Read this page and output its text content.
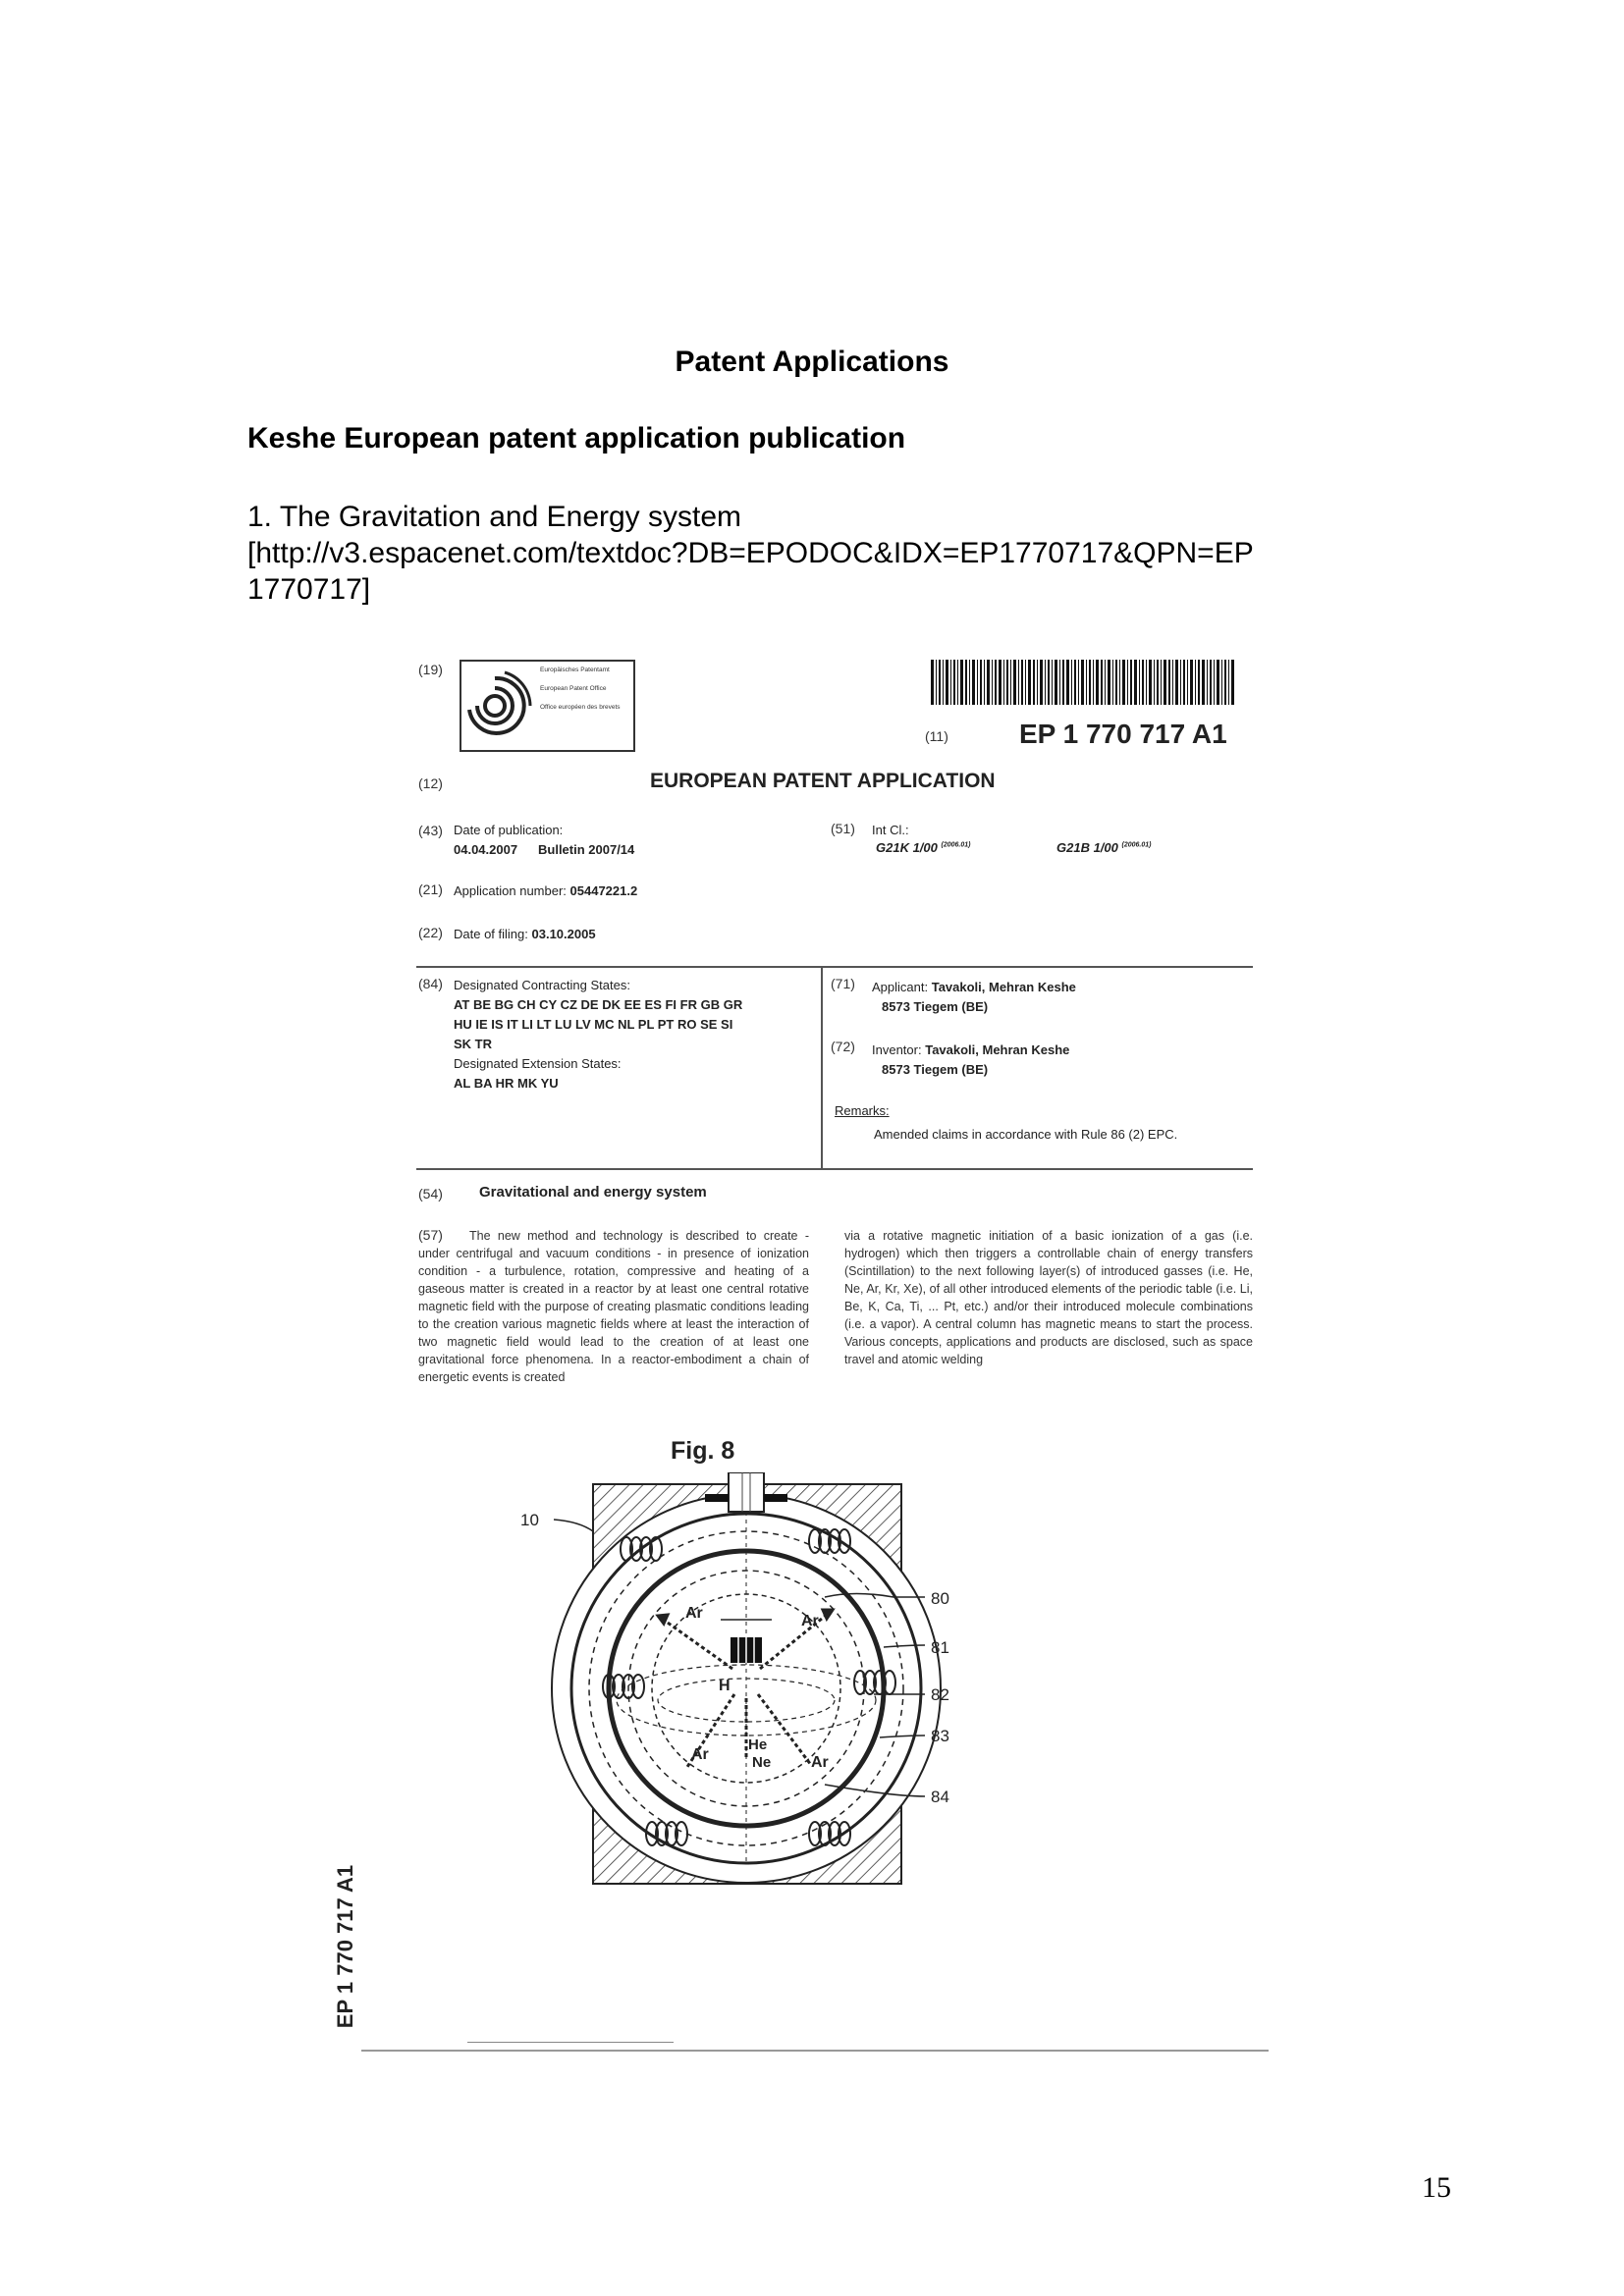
Patent Applications
Keshe European patent application publication
1. The Gravitation and Energy system
[http://v3.espacenet.com/textdoc?DB=EPODOC&IDX=EP1770717&QPN=EP
1770717]
(19)	Europäisches Patentamt
European Patent Office
Office européen des brevets
(11)	EP 1 770 717 A1
(12)	EUROPEAN PATENT APPLICATION
(43) Date of publication:
04.04.2007 Bulletin 2007/14
(51) Int Cl.:
G21K 1/00 $^{(2006.01)}$	G21B 1/00 $^{(2006.01)}$
(21) Application number: 05447221.2
(22) Date of filing: 03.10.2005
(84) Designated Contracting States:
AT BE BG CH CY CZ DE DK EE ES FI FR GB GR
HU IE IS IT LI LT LU LV MC NL PL PT RO SE SI
SK TR
Designated Extension States:
AL BA HR MK YU
(71) Applicant: Tavakoli, Mehran Keshe
8573 Tiegem (BE)
(72) Inventor: Tavakoli, Mehran Keshe
8573 Tiegem (BE)
Remarks:
Amended claims in accordance with Rule 86 (2) EPC.
(54) Gravitational and energy system
(57)	The new method and technology is described to create - under centrifugal and vacuum conditions - in presence of ionization condition - a turbulence, rotation, compressive and heating of a gaseous matter is created in a reactor by at least one central rotative magnetic field with the purpose of creating plasmatic conditions leading to the creation various magnetic fields where at least the interaction of two magnetic field would lead to the creation of at least one gravitational force phenomena. In a reactor-embodiment a chain of energetic events is created
via a rotative magnetic initiation of a basic ionization of a gas (i.e. hydrogen) which then triggers a controllable chain of energy transfers (Scintillation) to the next following layer(s) of introduced gasses (i.e. He, Ne, Ar, Kr, Xe), of all other introduced elements of the periodic table (i.e. Li, Be, K, Ca, Ti, ... Pt, etc.) and/or their introduced molecule combinations (i.e. a vapor). A central column has magnetic means to start the process. Various concepts, applications and products are disclosed, such as space travel and atomic welding
Fig. 8
Ar	Ar
H
He
Ne
Ar	Ar
10
80
81
82
83
84
EP 1 770 717 A1
15
